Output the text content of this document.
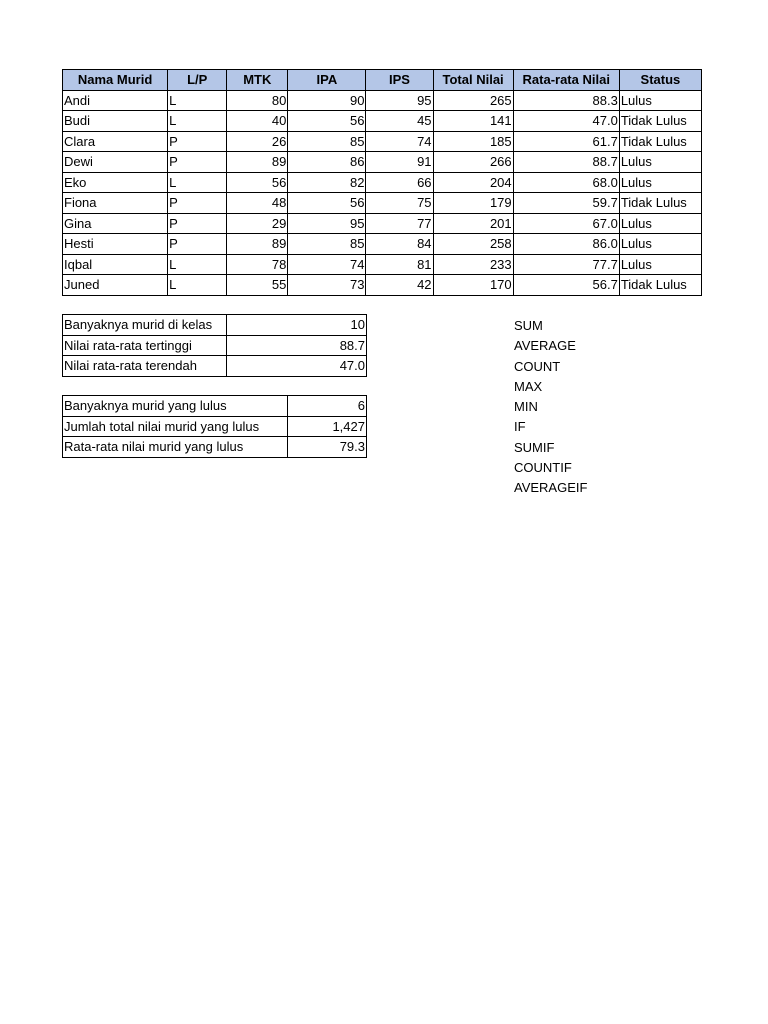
Nama Murid	L/P	MTK	IPA	IPS	Total Nilai	Rata-rata Nilai	Status
Andi	L	80	90	95	265	88.3	Lulus
Budi	L	40	56	45	141	47.0	Tidak Lulus
Clara	P	26	85	74	185	61.7	Tidak Lulus
Dewi	P	89	86	91	266	88.7	Lulus
Eko	L	56	82	66	204	68.0	Lulus
Fiona	P	48	56	75	179	59.7	Tidak Lulus
Gina	P	29	95	77	201	67.0	Lulus
Hesti	P	89	85	84	258	86.0	Lulus
Iqbal	L	78	74	81	233	77.7	Lulus
Juned	L	55	73	42	170	56.7	Tidak Lulus
Banyaknya murid di kelas	10
Nilai rata-rata tertinggi	88.7
Nilai rata-rata terendah	47.0
Banyaknya murid yang lulus	6
Jumlah total nilai murid yang lulus	1,427
Rata-rata nilai murid yang lulus	79.3
SUM
AVERAGE
COUNT
MAX
MIN
IF
SUMIF
COUNTIF
AVERAGEIF
